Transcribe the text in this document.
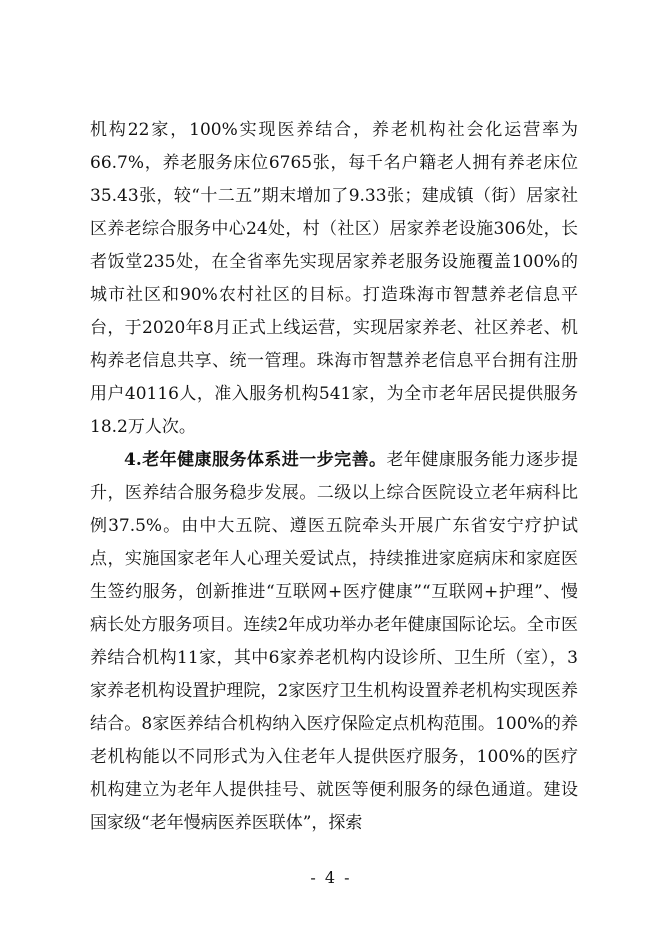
机构22家，100%实现医养结合，养老机构社会化运营率为66.7%，养老服务床位6765张，每千名户籍老人拥有养老床位35.43张，较“十二五”期末增加了9.33张；建成镇（街）居家社区养老综合服务中心24处，村（社区）居家养老设施306处，长者饭堂235处，在全省率先实现居家养老服务设施覆盖100%的城市社区和90%农村社区的目标。打造珠海市智慧养老信息平台，于2020年8月正式上线运营，实现居家养老、社区养老、机构养老信息共享、统一管理。珠海市智慧养老信息平台拥有注册用户40116人，准入服务机构541家，为全市老年居民提供服务18.2万人次。

4.老年健康服务体系进一步完善。老年健康服务能力逐步提升，医养结合服务稳步发展。二级以上综合医院设立老年病科比例37.5%。由中大五院、遵医五院牵头开展广东省安宁疗护试点，实施国家老年人心理关爱试点，持续推进家庭病床和家庭医生签约服务，创新推进“互联网+医疗健康”“互联网+护理”、慢病长处方服务项目。连续2年成功举办老年健康国际论坛。全市医养结合机构11家，其中6家养老机构内设诊所、卫生所（室），3家养老机构设置护理院，2家医疗卫生机构设置养老机构实现医养结合。8家医养结合机构纳入医疗保险定点机构范围。100%的养老机构能以不同形式为入住老年人提供医疗服务，100%的医疗机构建立为老年人提供挂号、就医等便利服务的绿色通道。建设国家级“老年慢病医养医联体”，探索

- 4 -
